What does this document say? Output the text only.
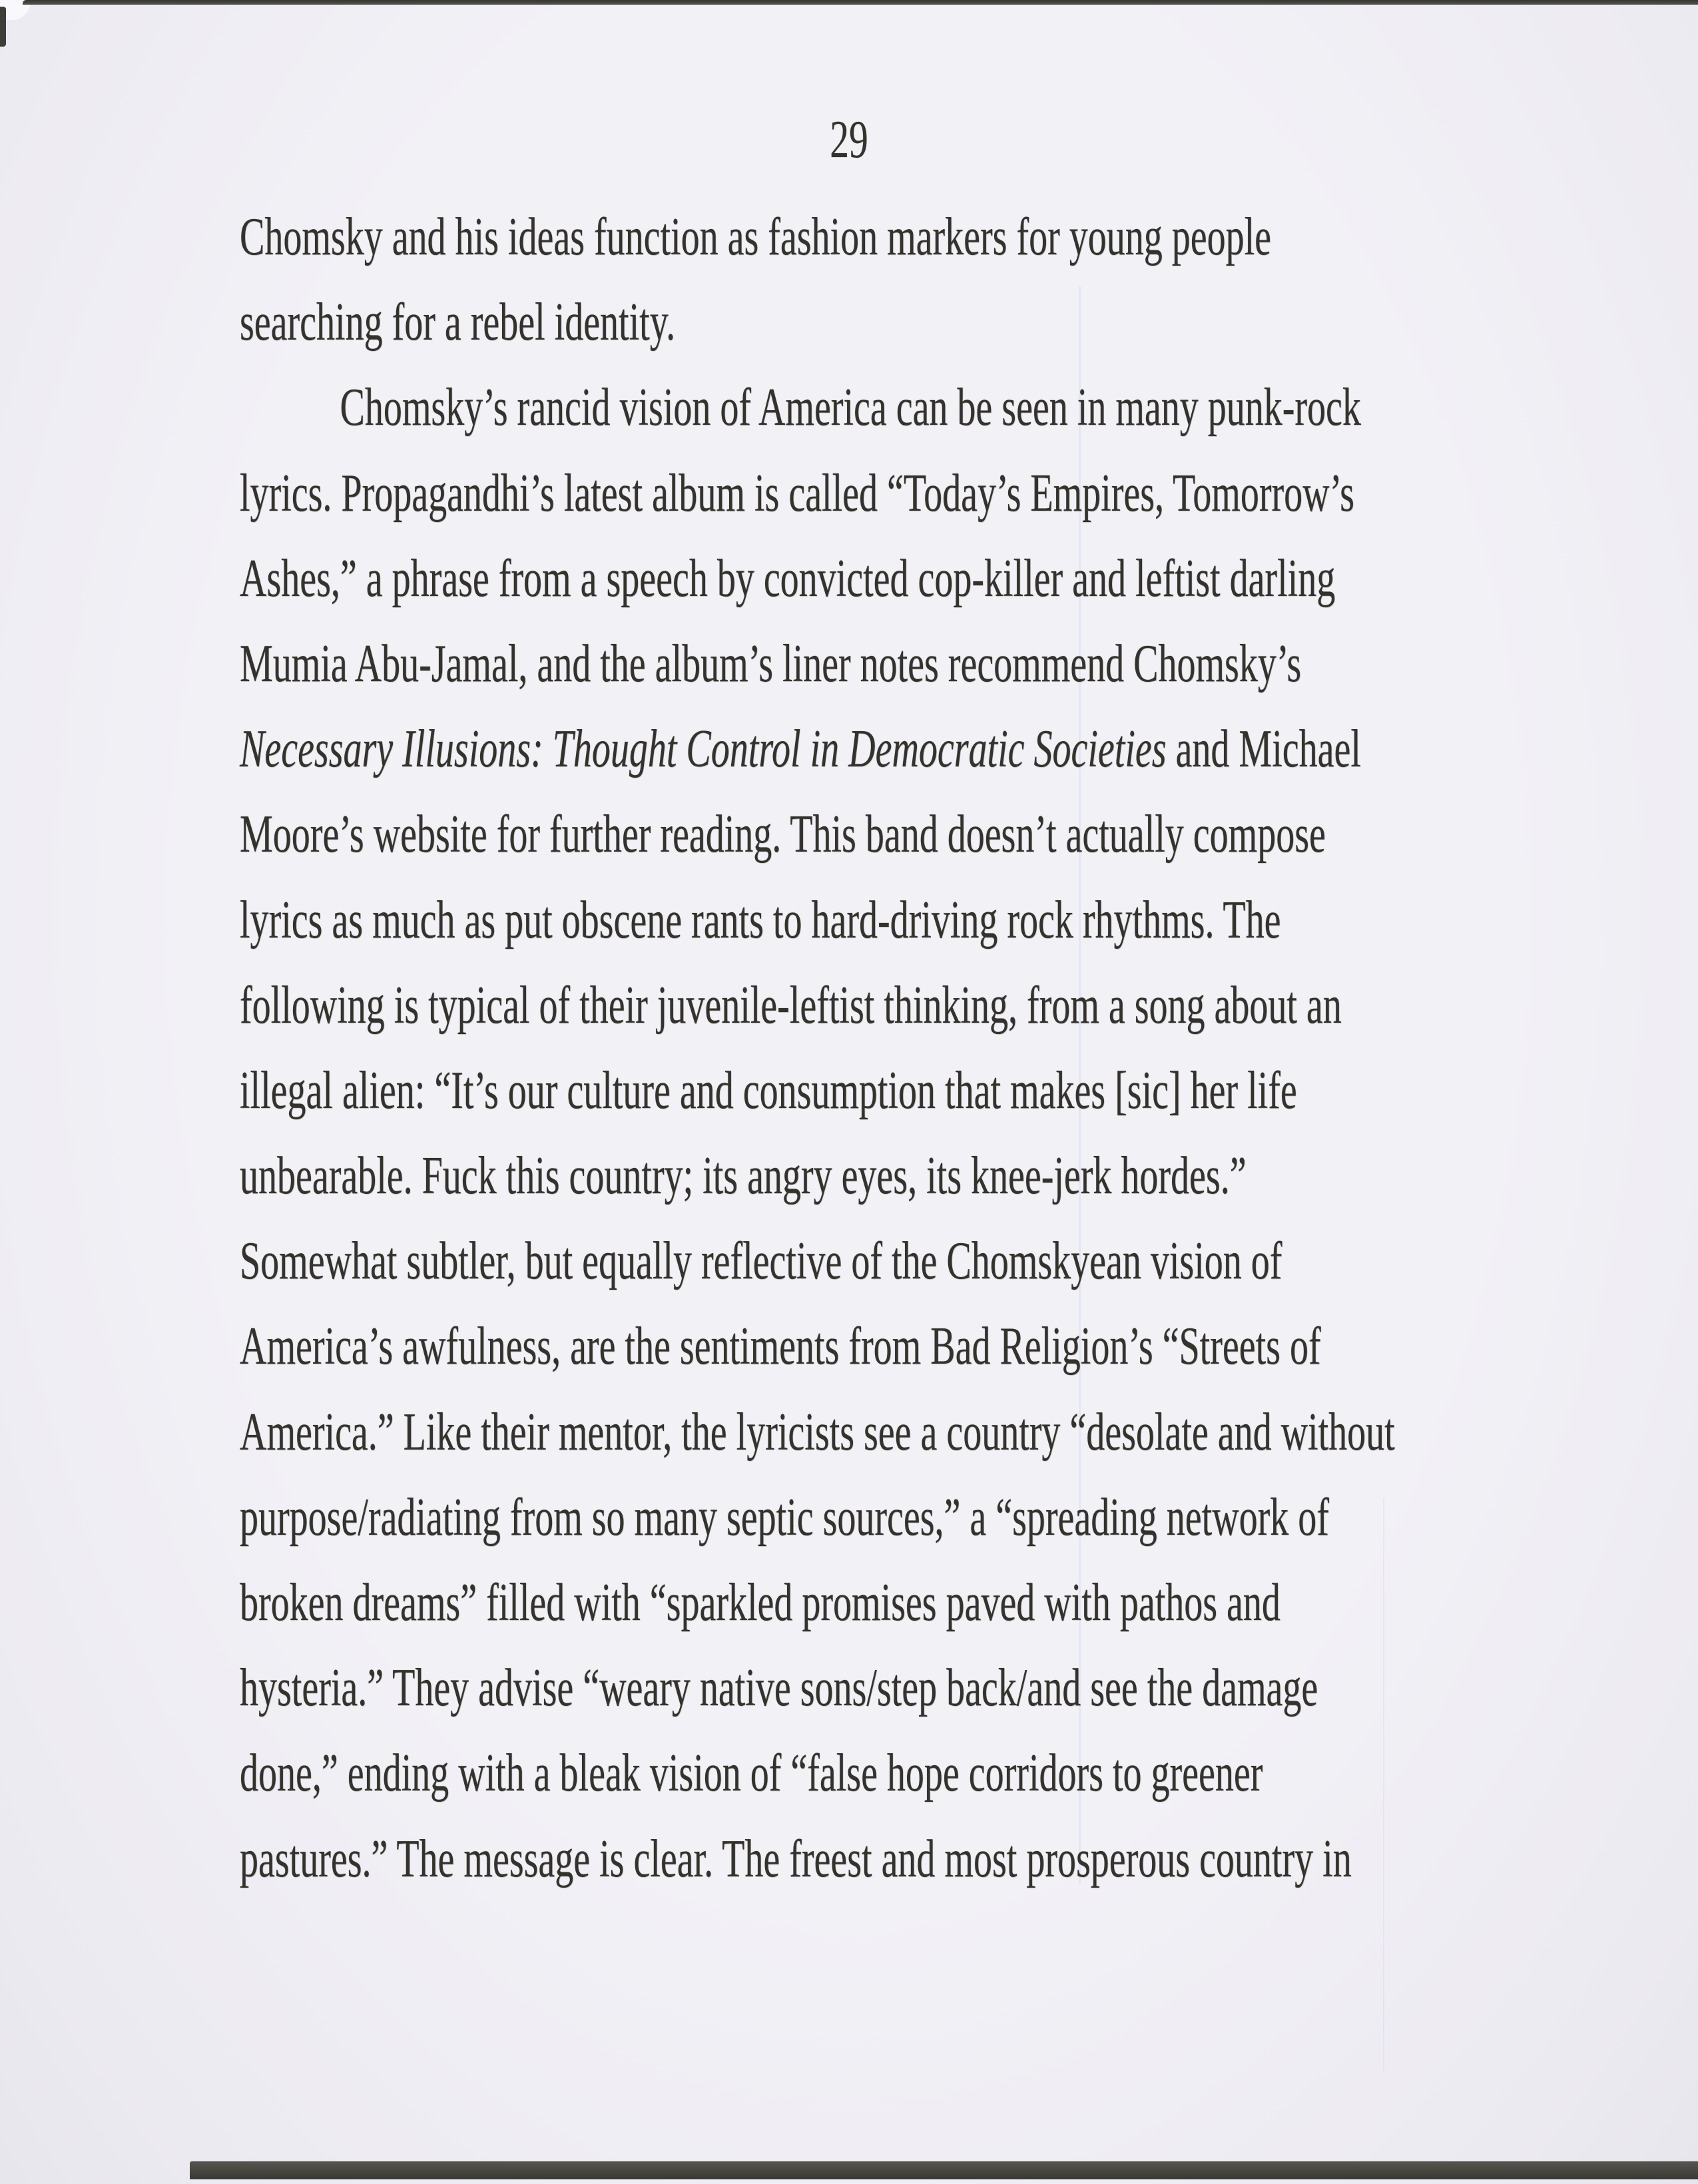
29
Chomsky and his ideas function as fashion markers for young people
searching for a rebel identity.
Chomsky’s rancid vision of America can be seen in many punk-rock
lyrics. Propagandhi’s latest album is called “Today’s Empires, Tomorrow’s
Ashes,” a phrase from a speech by convicted cop-killer and leftist darling
Mumia Abu-Jamal, and the album’s liner notes recommend Chomsky’s
Necessary Illusions: Thought Control in Democratic Societies and Michael
Moore’s website for further reading. This band doesn’t actually compose
lyrics as much as put obscene rants to hard-driving rock rhythms. The
following is typical of their juvenile-leftist thinking, from a song about an
illegal alien: “It’s our culture and consumption that makes [sic] her life
unbearable. Fuck this country; its angry eyes, its knee-jerk hordes.”
Somewhat subtler, but equally reflective of the Chomskyean vision of
America’s awfulness, are the sentiments from Bad Religion’s “Streets of
America.” Like their mentor, the lyricists see a country “desolate and without
purpose/radiating from so many septic sources,” a “spreading network of
broken dreams” filled with “sparkled promises paved with pathos and
hysteria.” They advise “weary native sons/step back/and see the damage
done,” ending with a bleak vision of “false hope corridors to greener
pastures.” The message is clear. The freest and most prosperous country in
